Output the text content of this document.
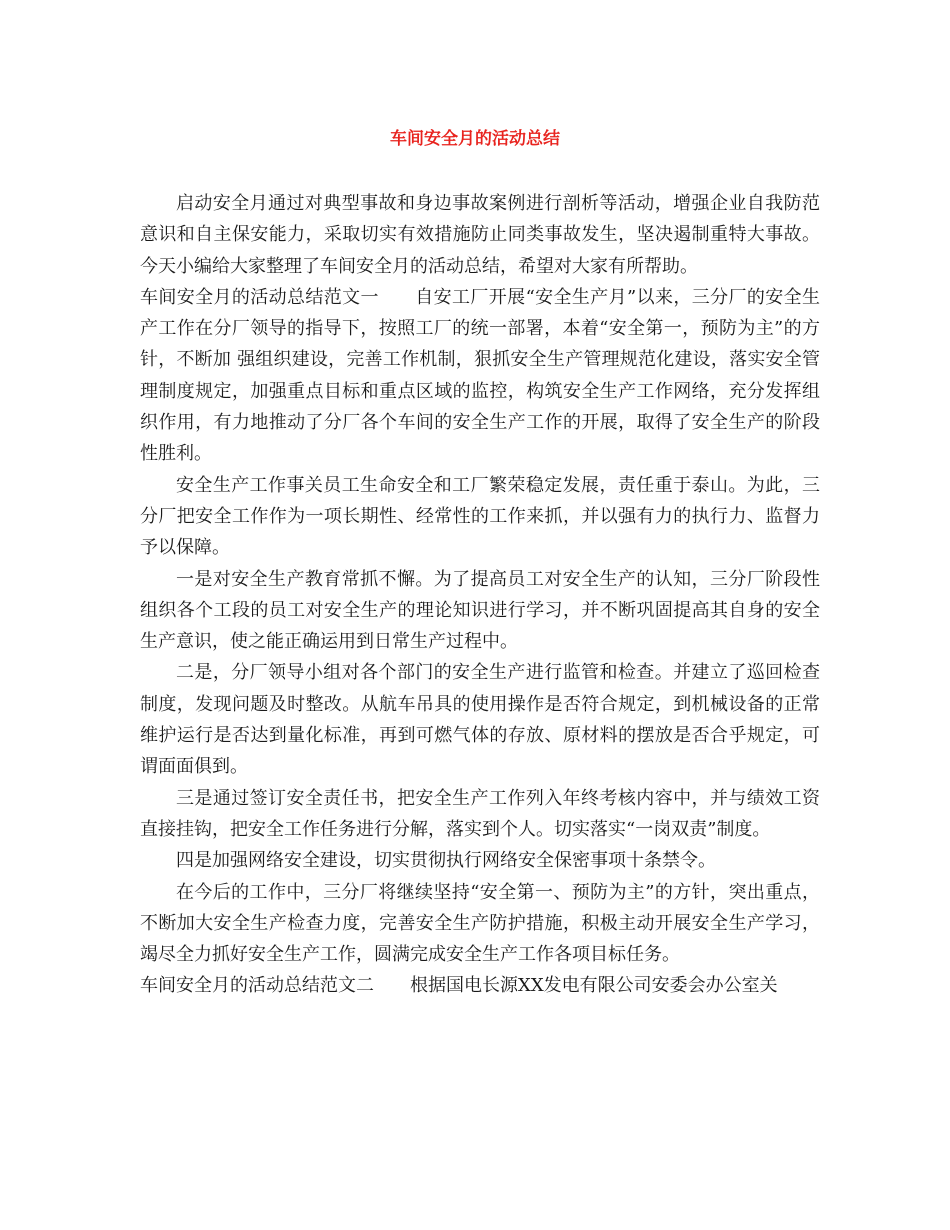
车间安全月的活动总结

启动安全月通过对典型事故和身边事故案例进行剖析等活动，增强企业自我防范意识和自主保安能力，采取切实有效措施防止同类事故发生，坚决遏制重特大事故。今天小编给大家整理了车间安全月的活动总结，希望对大家有所帮助。

车间安全月的活动总结范文一 自安工厂开展“安全生产月”以来，三分厂的安全生产工作在分厂领导的指导下，按照工厂的统一部署，本着“安全第一，预防为主”的方针，不断加 强组织建设，完善工作机制，狠抓安全生产管理规范化建设，落实安全管理制度规定，加强重点目标和重点区域的监控，构筑安全生产工作网络，充分发挥组织作用，有力地推动了分厂各个车间的安全生产工作的开展，取得了安全生产的阶段性胜利。

安全生产工作事关员工生命安全和工厂繁荣稳定发展，责任重于泰山。为此，三分厂把安全工作作为一项长期性、经常性的工作来抓，并以强有力的执行力、监督力予以保障。

一是对安全生产教育常抓不懈。为了提高员工对安全生产的认知，三分厂阶段性组织各个工段的员工对安全生产的理论知识进行学习，并不断巩固提高其自身的安全生产意识，使之能正确运用到日常生产过程中。

二是，分厂领导小组对各个部门的安全生产进行监管和检查。并建立了巡回检查制度，发现问题及时整改。从航车吊具的使用操作是否符合规定，到机械设备的正常维护运行是否达到量化标准，再到可燃气体的存放、原材料的摆放是否合乎规定，可谓面面俱到。

三是通过签订安全责任书，把安全生产工作列入年终考核内容中，并与绩效工资直接挂钩，把安全工作任务进行分解，落实到个人。切实落实“一岗双责”制度。

四是加强网络安全建设，切实贯彻执行网络安全保密事项十条禁令。

在今后的工作中，三分厂将继续坚持“安全第一、预防为主”的方针，突出重点，不断加大安全生产检查力度，完善安全生产防护措施，积极主动开展安全生产学习，竭尽全力抓好安全生产工作，圆满完成安全生产工作各项目标任务。

车间安全月的活动总结范文二 根据国电长源XX发电有限公司安委会办公室关
